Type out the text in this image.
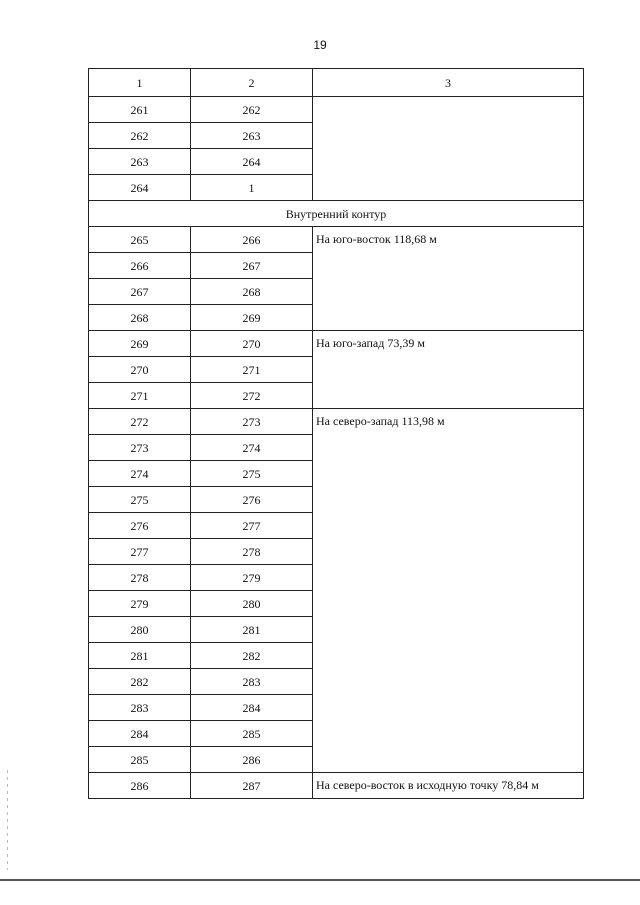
19
1	2	3
261	262	
262	263	
263	264	
264	1	
Внутренний контур		
265	266	На юго-восток 118,68 м
266	267	
267	268	
268	269	
269	270	На юго-запад 73,39 м
270	271	
271	272	
272	273	На северо-запад 113,98 м
273	274	
274	275	
275	276	
276	277	
277	278	
278	279	
279	280	
280	281	
281	282	
282	283	
283	284	
284	285	
285	286	
286	287	На северо-восток в исходную точку 78,84 м
